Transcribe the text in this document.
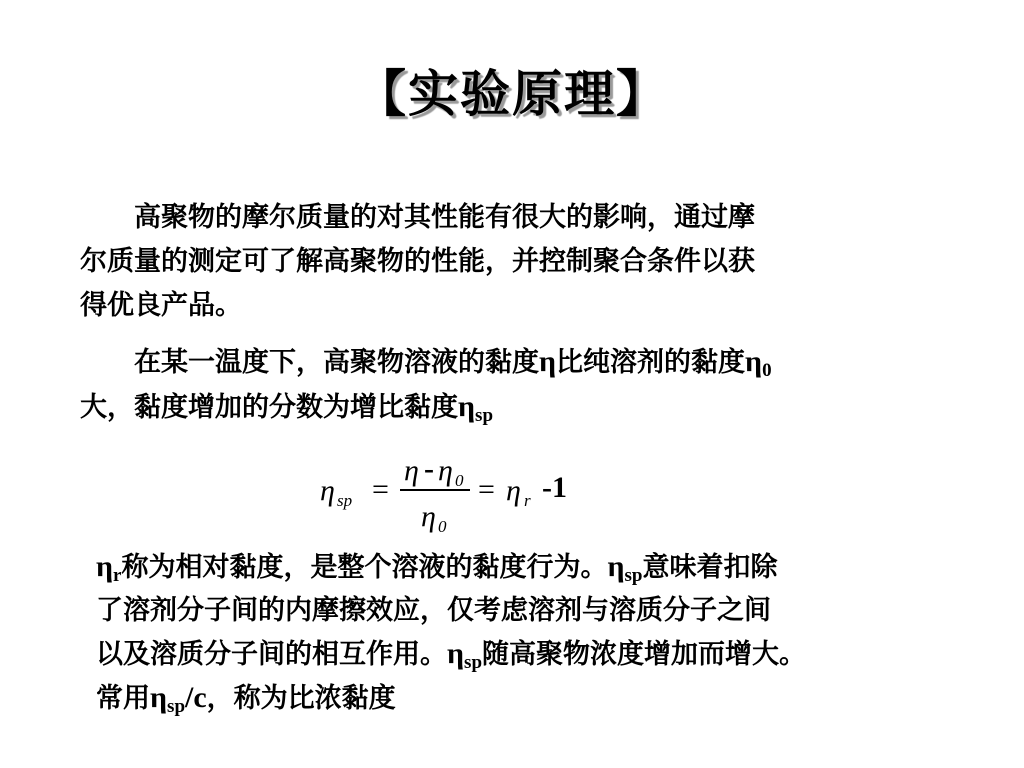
【实验原理】
高聚物的摩尔质量的对其性能有很大的影响，通过摩
尔质量的测定可了解高聚物的性能，并控制聚合条件以获
得优良产品。
在某一温度下，高聚物溶液的黏度η比纯溶剂的黏度$\eta_0$
大，黏度增加的分数为增比黏度$\eta_{sp}$
η sp =
η - η 0
η 0
= η r -1
$\eta_r$称为相对黏度，是整个溶液的黏度行为。$\eta_{sp}$意味着扣除
了溶剂分子间的内摩擦效应，仅考虑溶剂与溶质分子之间
以及溶质分子间的相互作用。$\eta_{sp}$随高聚物浓度增加而增大。
常用$\eta_{sp}/c$，称为比浓黏度
